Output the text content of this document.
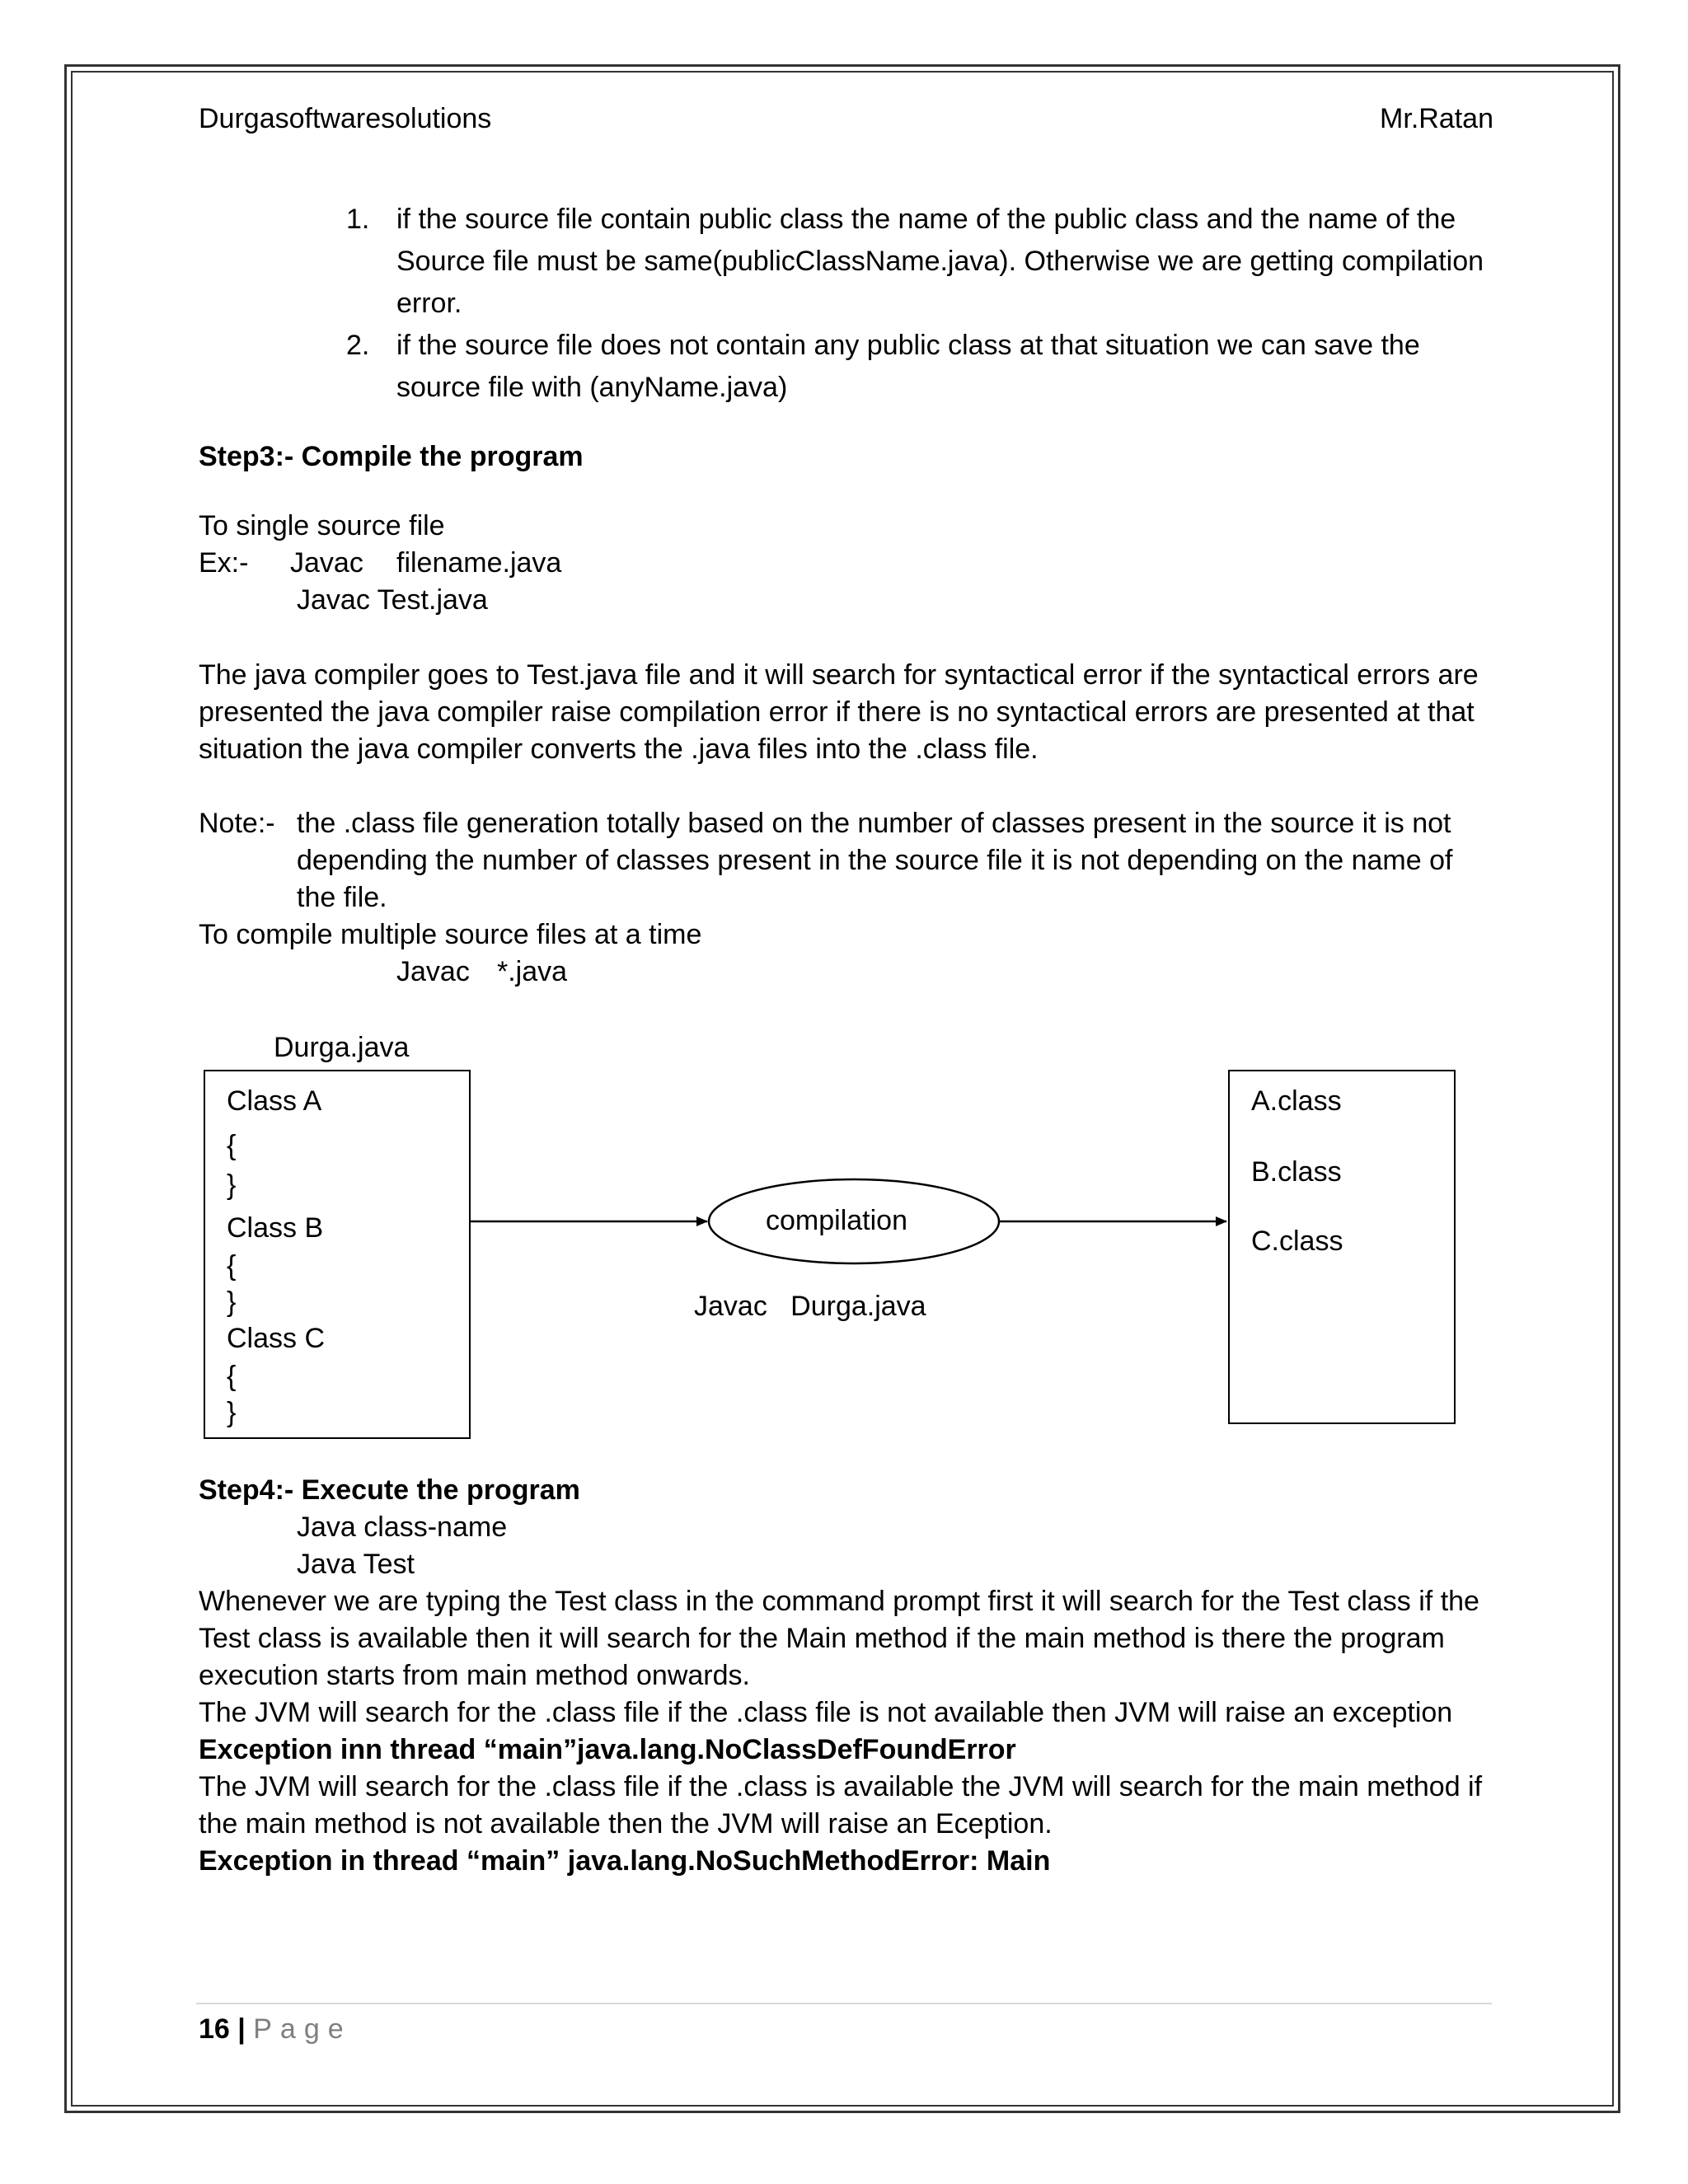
Durgasoftwaresolutions	Mr.Ratan
1. if the source file contain public class the name of the public class and the name of the Source file must be same(publicClassName.java). Otherwise we are getting compilation error.
2. if the source file does not contain any public class at that situation we can save the source file with (anyName.java)
Step3:- Compile the program
To single source file
Ex:- Javac filename.java
Javac Test.java
The java compiler goes to Test.java file and it will search for syntactical error if the syntactical errors are presented the java compiler raise compilation error if there is no syntactical errors are presented at that situation the java compiler converts the .java files into the .class file.
Note:- the .class file generation totally based on the number of classes present in the source it is not depending the number of classes present in the source file it is not depending on the name of the file.
To compile multiple source files at a time
Javac *.java
Durga.java
Class A
{
}
Class B
{
}
Class C
{
}
compilation
Javac   Durga.java
A.class
B.class
C.class
Step4:- Execute the program
Java class-name
Java Test
Whenever we are typing the Test class in the command prompt first it will search for the Test class if the Test class is available then it will search for the Main method if the main method is there the program execution starts from main method onwards.
The JVM will search for the .class file if the .class file is not available then JVM will raise an exception
Exception inn thread “main” java.lang.NoClassDefFoundError
The JVM will search for the .class file if the .class is available the JVM will search for the main method if the main method is not available then the JVM will raise an Eception.
Exception in thread “main” java.lang.NoSuchMethodError: Main
16 | Page
